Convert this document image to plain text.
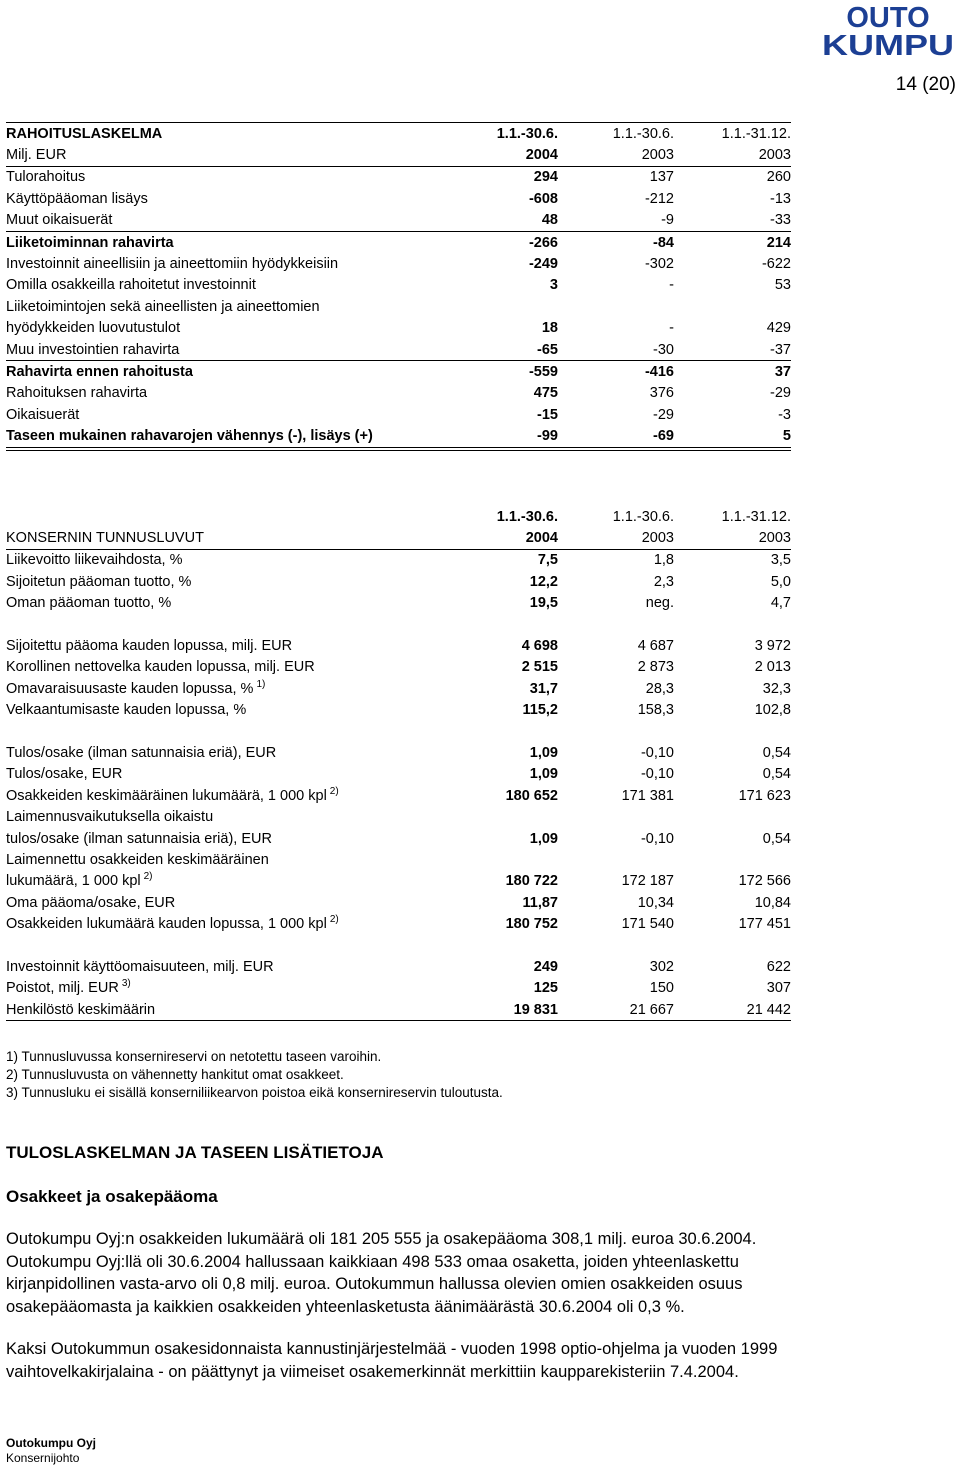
OUTO
KUMPU
14 (20)
RAHOITUSLASKELMA	1.1.-30.6.	1.1.-30.6.	1.1.-31.12.
Milj. EUR	2004	2003	2003
Tulorahoitus	294	137	260
Käyttöpääoman lisäys	-608	-212	-13
Muut oikaisuerät	48	-9	-33
Liiketoiminnan rahavirta	-266	-84	214
Investoinnit aineellisiin ja aineettomiin hyödykkeisiin	-249	-302	-622
Omilla osakkeilla rahoitetut investoinnit	3	-	53
Liiketoimintojen sekä aineellisten ja aineettomien			
hyödykkeiden luovutustulot	18	-	429
Muu investointien rahavirta	-65	-30	-37
Rahavirta ennen rahoitusta	-559	-416	37
Rahoituksen rahavirta	475	376	-29
Oikaisuerät	-15	-29	-3
Taseen mukainen rahavarojen vähennys (-), lisäys (+)	-99	-69	5
	1.1.-30.6.	1.1.-30.6.	1.1.-31.12.
KONSERNIN TUNNUSLUVUT	2004	2003	2003
Liikevoitto liikevaihdosta, %	7,5	1,8	3,5
Sijoitetun pääoman tuotto, %	12,2	2,3	5,0
Oman pääoman tuotto, %	19,5	neg.	4,7

Sijoitettu pääoma kauden lopussa, milj. EUR	4 698	4 687	3 972
Korollinen nettovelka kauden lopussa, milj. EUR	2 515	2 873	2 013
Omavaraisuusaste kauden lopussa, % $^{1)}$	31,7	28,3	32,3
Velkaantumisaste kauden lopussa, %	115,2	158,3	102,8

Tulos/osake (ilman satunnaisia eriä), EUR	1,09	-0,10	0,54
Tulos/osake, EUR	1,09	-0,10	0,54
Osakkeiden keskimääräinen lukumäärä, 1 000 kpl $^{2)}$	180 652	171 381	171 623
Laimennusvaikutuksella oikaistu			
tulos/osake (ilman satunnaisia eriä), EUR	1,09	-0,10	0,54
Laimennettu osakkeiden keskimääräinen			
lukumäärä, 1 000 kpl $^{2)}$	180 722	172 187	172 566
Oma pääoma/osake, EUR	11,87	10,34	10,84
Osakkeiden lukumäärä kauden lopussa, 1 000 kpl $^{2)}$	180 752	171 540	177 451

Investoinnit käyttöomaisuuteen, milj. EUR	249	302	622
Poistot, milj. EUR $^{3)}$	125	150	307
Henkilöstö keskimäärin	19 831	21 667	21 442
1) Tunnusluvussa konsernireservi on netotettu taseen varoihin.
2) Tunnusluvusta on vähennetty hankitut omat osakkeet.
3) Tunnusluku ei sisällä konserniliikearvon poistoa eikä konsernireservin tuloutusta.
TULOSLASKELMAN JA TASEEN LISÄTIETOJA
Osakkeet ja osakepääoma
Outokumpu Oyj:n osakkeiden lukumäärä oli 181 205 555 ja osakepääoma 308,1 milj. euroa 30.6.2004.
Outokumpu Oyj:llä oli 30.6.2004 hallussaan kaikkiaan 498 533 omaa osaketta, joiden yhteenlaskettu
kirjanpidollinen vasta-arvo oli 0,8 milj. euroa. Outokummun hallussa olevien omien osakkeiden osuus
osakepääomasta ja kaikkien osakkeiden yhteenlasketusta äänimäärästä 30.6.2004 oli 0,3 %.
Kaksi Outokummun osakesidonnaista kannustinjärjestelmää - vuoden 1998 optio-ohjelma ja vuoden 1999
vaihtovelkakirjalaina - on päättynyt ja viimeiset osakemerkinnät merkittiin kaupparekisteriin 7.4.2004.
Outokumpu Oyj
Konsernijohto
